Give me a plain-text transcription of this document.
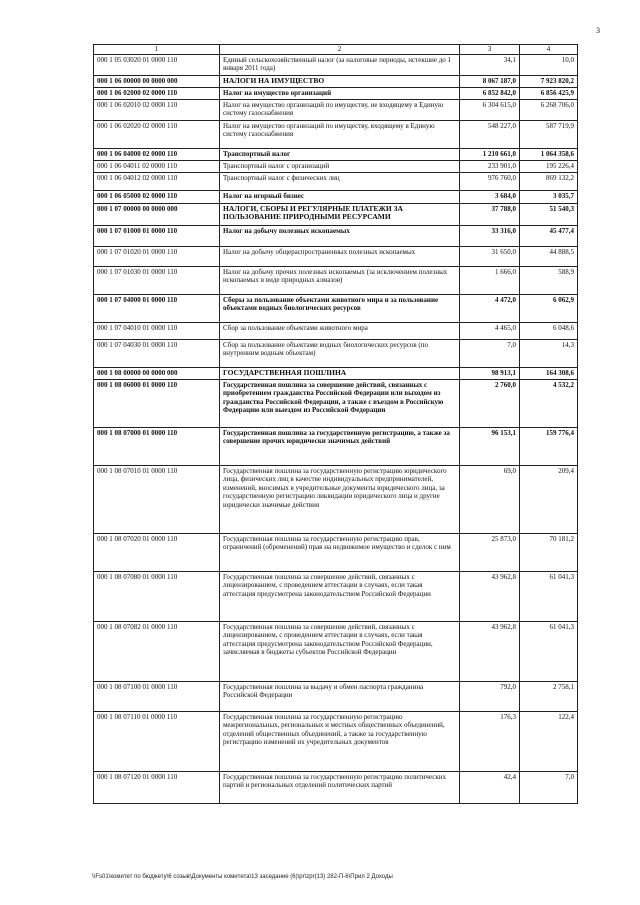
3
1	2	3	4
000 1 05 03020 01 0000 110	Единый сельскохозяйственный налог (за налоговые периоды, истекшие до 1 января 2011 года)	34,1	10,0
000 1 06 00000 00 0000 000	НАЛОГИ НА ИМУЩЕСТВО	8 067 187,0	7 923 820,2
000 1 06 02000 02 0000 110	Налог на имущество организаций	6 852 842,0	6 856 425,9
000 1 06 02010 02 0000 110	Налог на имущество организаций по имуществу, не входящему в Единую систему газоснабжения	6 304 615,0	6 268 706,0
000 1 06 02020 02 0000 110	Налог на имущество организаций по имуществу, входящему в Единую систему газоснабжения	548 227,0	587 719,9
000 1 06 04000 02 0000 110	Транспортный налог	1 210 661,0	1 064 358,6
000 1 06 04011 02 0000 110	Транспортный налог с организаций	233 901,0	195 226,4
000 1 06 04012 02 0000 110	Транспортный налог с физических лиц	976 760,0	869 132,2
000 1 06 05000 02 0000 110	Налог на игорный бизнес	3 684,0	3 035,7
000 1 07 00000 00 0000 000	НАЛОГИ, СБОРЫ И РЕГУЛЯРНЫЕ ПЛАТЕЖИ ЗА ПОЛЬЗОВАНИЕ ПРИРОДНЫМИ РЕСУРСАМИ	37 788,0	51 540,3
000 1 07 01000 01 0000 110	Налог на добычу полезных ископаемых	33 316,0	45 477,4
000 1 07 01020 01 0000 110	Налог на добычу общераспространенных полезных ископаемых	31 650,0	44 888,5
000 1 07 01030 01 0000 110	Налог на добычу прочих полезных ископаемых (за исключением полезных ископаемых в виде природных алмазов)	1 666,0	588,9
000 1 07 04000 01 0000 110	Сборы за пользование объектами животного мира и за пользование объектами водных биологических ресурсов	4 472,0	6 062,9
000 1 07 04010 01 0000 110	Сбор за пользование объектами животного мира	4 465,0	6 048,6
000 1 07 04030 01 0000 110	Сбор за пользование объектами водных биологических ресурсов (по внутренним водным объектам)	7,0	14,3
000 1 08 00000 00 0000 000	ГОСУДАРСТВЕННАЯ ПОШЛИНА	98 913,1	164 308,6
000 1 08 06000 01 0000 110	Государственная пошлина за совершение действий, связанных с приобретением гражданства Российской Федерации или выходом из гражданства Российской Федерации, а также с въездом в Российскую Федерацию или выездом из Российской Федерации	2 760,0	4 532,2
000 1 08 07000 01 0000 110	Государственная пошлина за государственную регистрацию, а также за совершение прочих юридически значимых действий	96 153,1	159 776,4
000 1 08 07010 01 0000 110	Государственная пошлина за государственную регистрацию юридического лица, физических лиц в качестве индивидуальных предпринимателей, изменений, вносимых в учредительные документы юридического лица, за государственную регистрацию ликвидации юридического лица и другие юридически значимые действия	69,0	209,4
000 1 08 07020 01 0000 110	Государственная пошлина за государственную регистрацию прав, ограничений (обременений) прав на недвижимое имущество и сделок с ним	25 873,0	70 181,2
000 1 08 07080 01 0000 110	Государственная пошлина за совершение действий, связанных с лицензированием, с проведением аттестации в случаях, если такая аттестация предусмотрена законодательством Российской Федерации	43 962,8	61 041,3
000 1 08 07082 01 0000 110	Государственная пошлина за совершение действий, связанных с лицензированием, с проведением аттестации в случаях, если такая аттестация предусмотрена законодательством Российской Федерации, зачисляемая в бюджеты субъектов Российской Федерации	43 962,8	61 041,3
000 1 08 07100 01 0000 110	Государственная пошлина за выдачу и обмен паспорта гражданина Российской Федерации	792,0	2 758,1
000 1 08 07110 01 0000 110	Государственная пошлина за государственную регистрацию межрегиональных, региональных и местных общественных объединений, отделений общественных объединений, а также за государственную регистрацию изменений их учредительных документов	176,3	122,4
000 1 08 07120 01 0000 110	Государственная пошлина за государственную регистрацию политических партий и региональных отделений политических партий	42,4	7,0
\\Fs01\комитет по бюджету\6 созыв\Документы комитета\13 заседание (6)\pr\zpr(13) 282-П-6\Прил 2 Доходы
